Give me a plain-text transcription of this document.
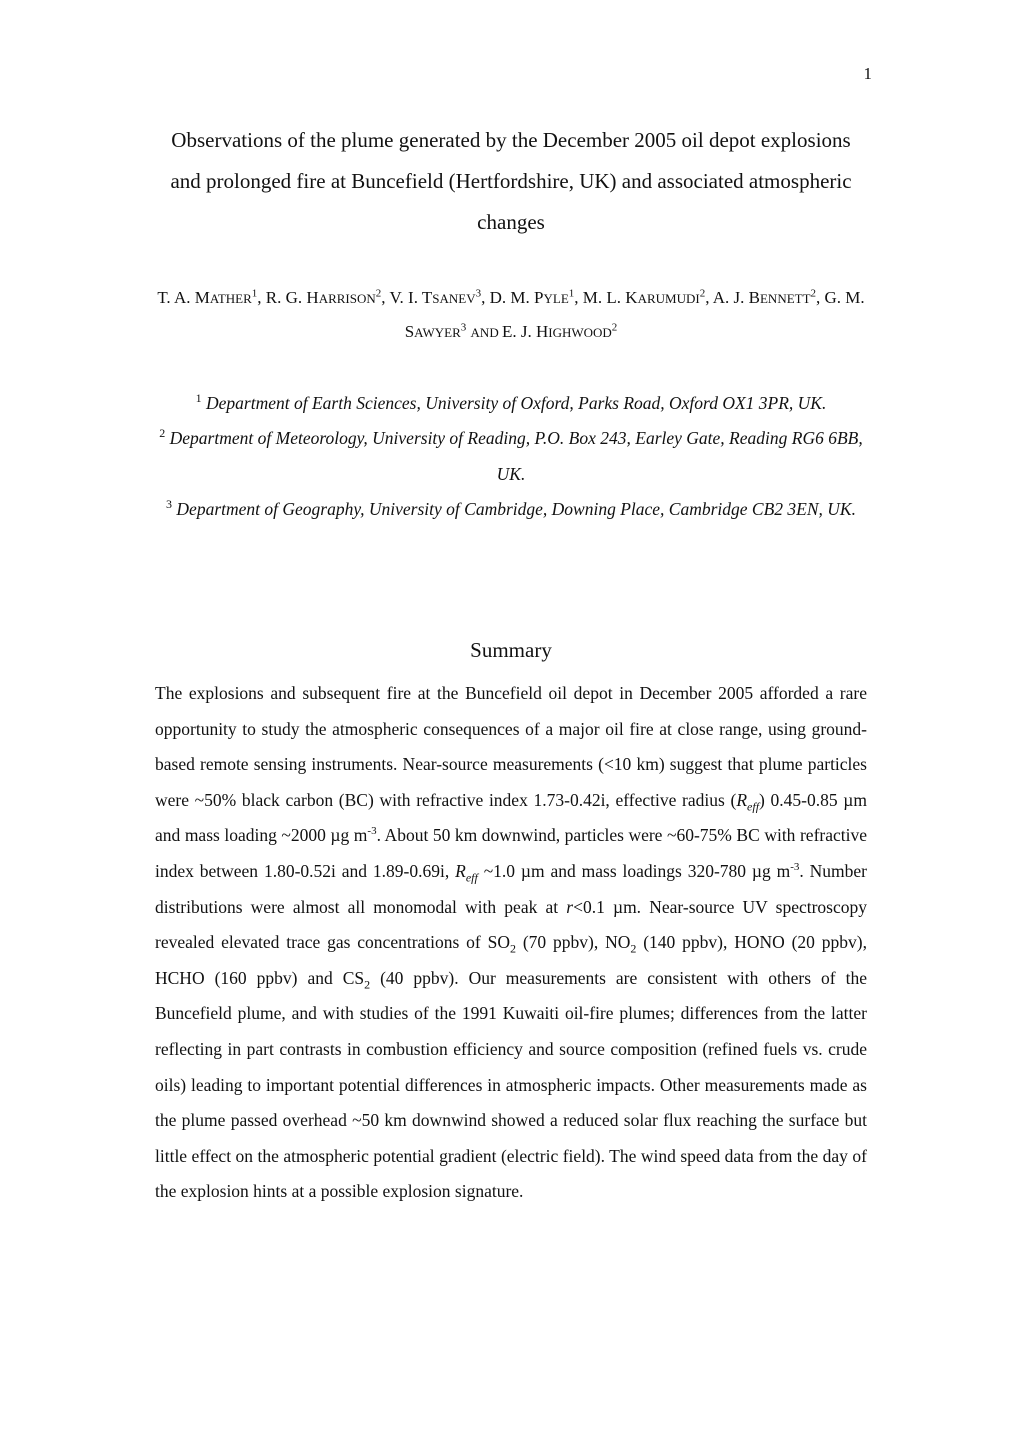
1
Observations of the plume generated by the December 2005 oil depot explosions and prolonged fire at Buncefield (Hertfordshire, UK) and associated atmospheric changes
T. A. MATHER$^1$, R. G. HARRISON$^2$, V. I. TSANEV$^3$, D. M. PYLE$^1$, M. L. KARUMUDI$^2$, A. J. BENNETT$^2$, G. M. SAWYER$^3$ AND E. J. HIGHWOOD$^2$
$^1$ Department of Earth Sciences, University of Oxford, Parks Road, Oxford OX1 3PR, UK.
$^2$ Department of Meteorology, University of Reading, P.O. Box 243, Earley Gate, Reading RG6 6BB, UK.
$^3$ Department of Geography, University of Cambridge, Downing Place, Cambridge CB2 3EN, UK.
Summary

The explosions and subsequent fire at the Buncefield oil depot in December 2005 afforded a rare opportunity to study the atmospheric consequences of a major oil fire at close range, using ground-based remote sensing instruments. Near-source measurements (<10 km) suggest that plume particles were ~50% black carbon (BC) with refractive index 1.73-0.42i, effective radius $(R_{eff})$ 0.45-0.85 µm and mass loading ~2000 µg $m^{-3}$. About 50 km downwind, particles were ~60-75% BC with refractive index between 1.80-0.52i and 1.89-0.69i, $R_{eff}$ ~1.0 µm and mass loadings 320-780 µg $m^{-3}$. Number distributions were almost all monomodal with peak at r<0.1 µm. Near-source UV spectroscopy revealed elevated trace gas concentrations of $SO_2$ (70 ppbv), $NO_2$ (140 ppbv), HONO (20 ppbv), HCHO (160 ppbv) and $CS_2$ (40 ppbv). Our measurements are consistent with others of the Buncefield plume, and with studies of the 1991 Kuwaiti oil-fire plumes; differences from the latter reflecting in part contrasts in combustion efficiency and source composition (refined fuels vs. crude oils) leading to important potential differences in atmospheric impacts. Other measurements made as the plume passed overhead ~50 km downwind showed a reduced solar flux reaching the surface but little effect on the atmospheric potential gradient (electric field). The wind speed data from the day of the explosion hints at a possible explosion signature.
